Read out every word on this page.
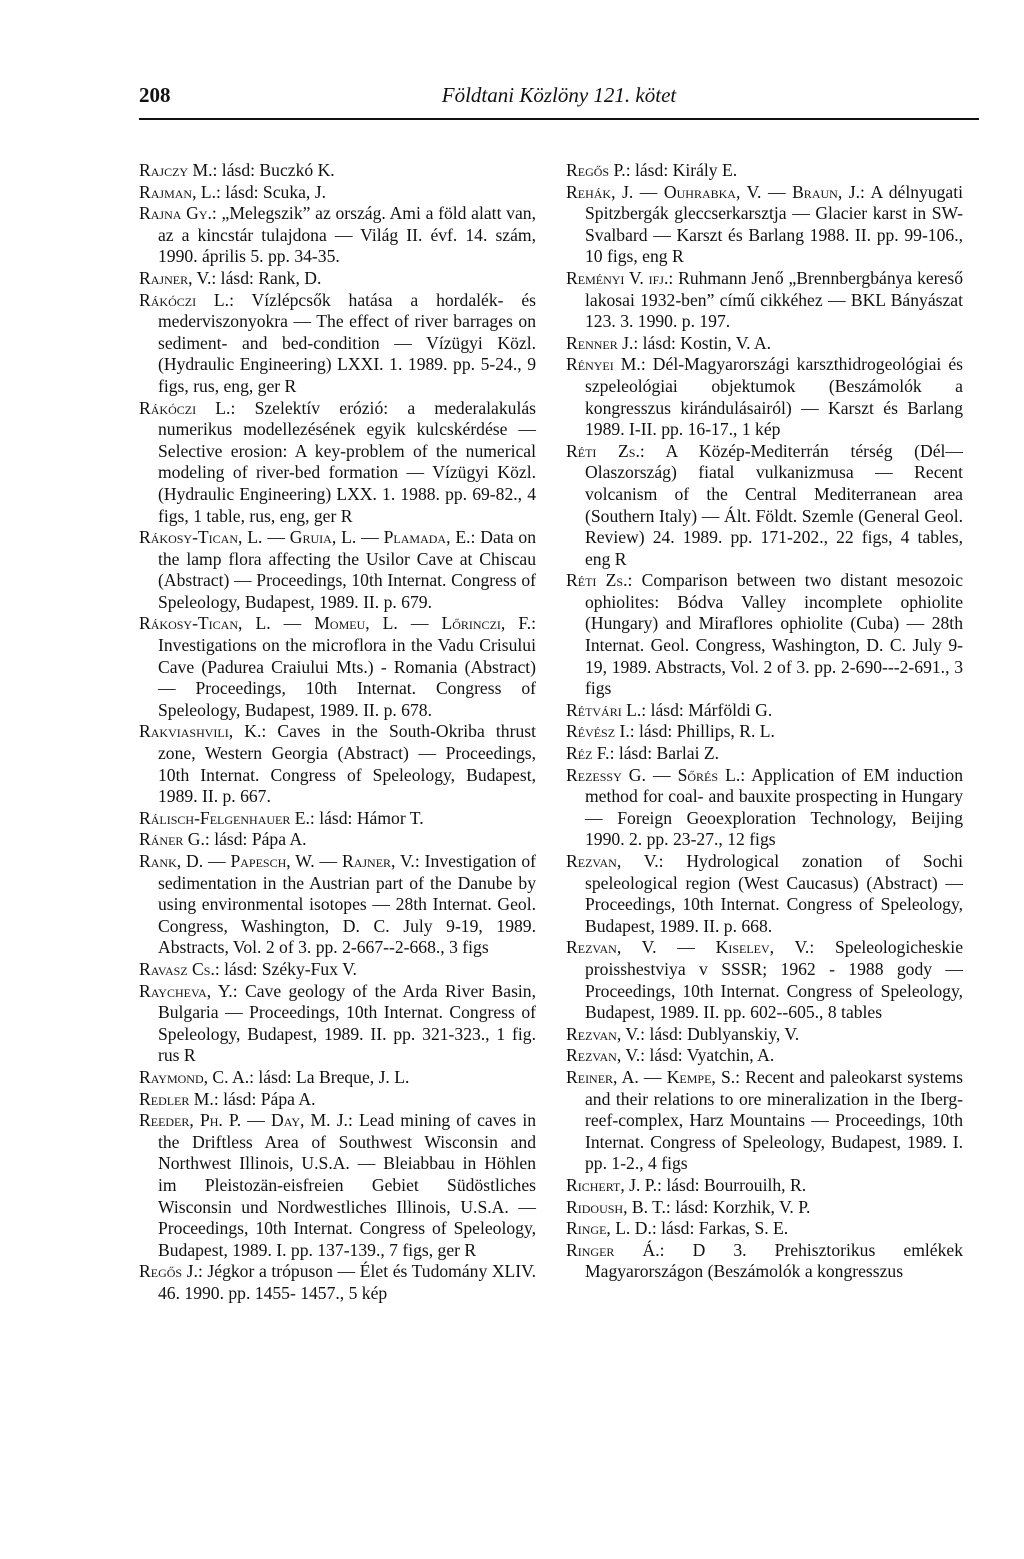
208	Földtani Közlöny 121. kötet

Rajczy M.: lásd: Buczkó K.

Rajman, L.: lásd: Scuka, J.

Rajna Gy.: „Melegszik” az ország. Ami a föld alatt van, az a kincstár tulajdona — Világ II. évf. 14. szám, 1990. április 5. pp. 34-35.

Rajner, V.: lásd: Rank, D.

Rákóczi L.: Vízlépcsők hatása a hordalék- és mederviszonyokra — The effect of river barrages on sediment- and bed-condition — Vízügyi Közl. (Hydraulic Engineering) LXXI. 1. 1989. pp. 5-24., 9 figs, rus, eng, ger R

Rákóczi L.: Szelektív erózió: a mederalakulás numerikus modellezésének egyik kulcskérdése — Selective erosion: A key-problem of the numerical modeling of river-bed formation — Vízügyi Közl. (Hydraulic Engineering) LXX. 1. 1988. pp. 69-82., 4 figs, 1 table, rus, eng, ger R

Rákosy-Tican, L. — Gruia, L. — Plamada, E.: Data on the lamp flora affecting the Usilor Cave at Chiscau (Abstract) — Proceedings, 10th Internat. Congress of Speleology, Budapest, 1989. II. p. 679.

Rákosy-Tican, L. — Momeu, L. — Lőrinczi, F.: Investigations on the microflora in the Vadu Crisului Cave (Padurea Craiului Mts.) - Romania (Abstract) — Proceedings, 10th Internat. Congress of Speleology, Budapest, 1989. II. p. 678.

Rakviashvili, K.: Caves in the South-Okriba thrust zone, Western Georgia (Abstract) — Proceedings, 10th Internat. Congress of Speleology, Budapest, 1989. II. p. 667.

Rálisch-Felgenhauer E.: lásd: Hámor T.

Ráner G.: lásd: Pápa A.

Rank, D. — Papesch, W. — Rajner, V.: Investigation of sedimentation in the Austrian part of the Danube by using environmental isotopes — 28th Internat. Geol. Congress, Washington, D. C. July 9-19, 1989. Abstracts, Vol. 2 of 3. pp. 2-667--2-668., 3 figs

Ravasz Cs.: lásd: Széky-Fux V.

Raycheva, Y.: Cave geology of the Arda River Basin, Bulgaria — Proceedings, 10th Internat. Congress of Speleology, Budapest, 1989. II. pp. 321-323., 1 fig. rus R

Raymond, C. A.: lásd: La Breque, J. L.

Redler M.: lásd: Pápa A.

Reeder, Ph. P. — Day, M. J.: Lead mining of caves in the Driftless Area of Southwest Wisconsin and Northwest Illinois, U.S.A. — Bleiabbau in Höhlen im Pleistozän-eisfreien Gebiet Südöstliches Wisconsin und Nordwestliches Illinois, U.S.A. — Proceedings, 10th Internat. Congress of Speleology, Budapest, 1989. I. pp. 137-139., 7 figs, ger R

Regős J.: Jégkor a trópuson — Élet és Tudomány XLIV. 46. 1990. pp. 1455- 1457., 5 kép

Regős P.: lásd: Király E.

Rehák, J. — Ouhrabka, V. — Braun, J.: A délnyugati Spitzbergák gleccserkarsztja — Glacier karst in SW-Svalbard — Karszt és Barlang 1988. II. pp. 99-106., 10 figs, eng R

Reményi V. ifj.: Ruhmann Jenő „Brennbergbánya kereső lakosai 1932-ben” című cikkéhez — BKL Bányászat 123. 3. 1990. p. 197.

Renner J.: lásd: Kostin, V. A.

Rényei M.: Dél-Magyarországi karszthidrogeológiai és szpeleológiai objektumok (Beszámolók a kongresszus kirándulásairól) — Karszt és Barlang 1989. I-II. pp. 16-17., 1 kép

Réti Zs.: A Közép-Mediterrán térség (Dél—Olaszország) fiatal vulkanizmusa — Recent volcanism of the Central Mediterranean area (Southern Italy) — Ált. Földt. Szemle (General Geol. Review) 24. 1989. pp. 171-202., 22 figs, 4 tables, eng R

Réti Zs.: Comparison between two distant mesozoic ophiolites: Bódva Valley incomplete ophiolite (Hungary) and Miraflores ophiolite (Cuba) — 28th Internat. Geol. Congress, Washington, D. C. July 9-19, 1989. Abstracts, Vol. 2 of 3. pp. 2-690---2-691., 3 figs

Rétvári L.: lásd: Márföldi G.

Révész I.: lásd: Phillips, R. L.

Réz F.: lásd: Barlai Z.

Rezessy G. — Sőrés L.: Application of EM induction method for coal- and bauxite prospecting in Hungary — Foreign Geoexploration Technology, Beijing 1990. 2. pp. 23-27., 12 figs

Rezvan, V.: Hydrological zonation of Sochi speleological region (West Caucasus) (Abstract) — Proceedings, 10th Internat. Congress of Speleology, Budapest, 1989. II. p. 668.

Rezvan, V. — Kiselev, V.: Speleologicheskie proisshestviya v SSSR; 1962 - 1988 gody — Proceedings, 10th Internat. Congress of Speleology, Budapest, 1989. II. pp. 602--605., 8 tables

Rezvan, V.: lásd: Dublyanskiy, V.

Rezvan, V.: lásd: Vyatchin, A.

Reiner, A. — Kempe, S.: Recent and paleokarst systems and their relations to ore mineralization in the Iberg-reef-complex, Harz Mountains — Proceedings, 10th Internat. Congress of Speleology, Budapest, 1989. I. pp. 1-2., 4 figs

Richert, J. P.: lásd: Bourrouilh, R.

Ridoush, B. T.: lásd: Korzhik, V. P.

Ringe, L. D.: lásd: Farkas, S. E.

Ringer Á.: D 3. Prehisztorikus emlékek Magyarországon (Beszámolók a kongresszus
